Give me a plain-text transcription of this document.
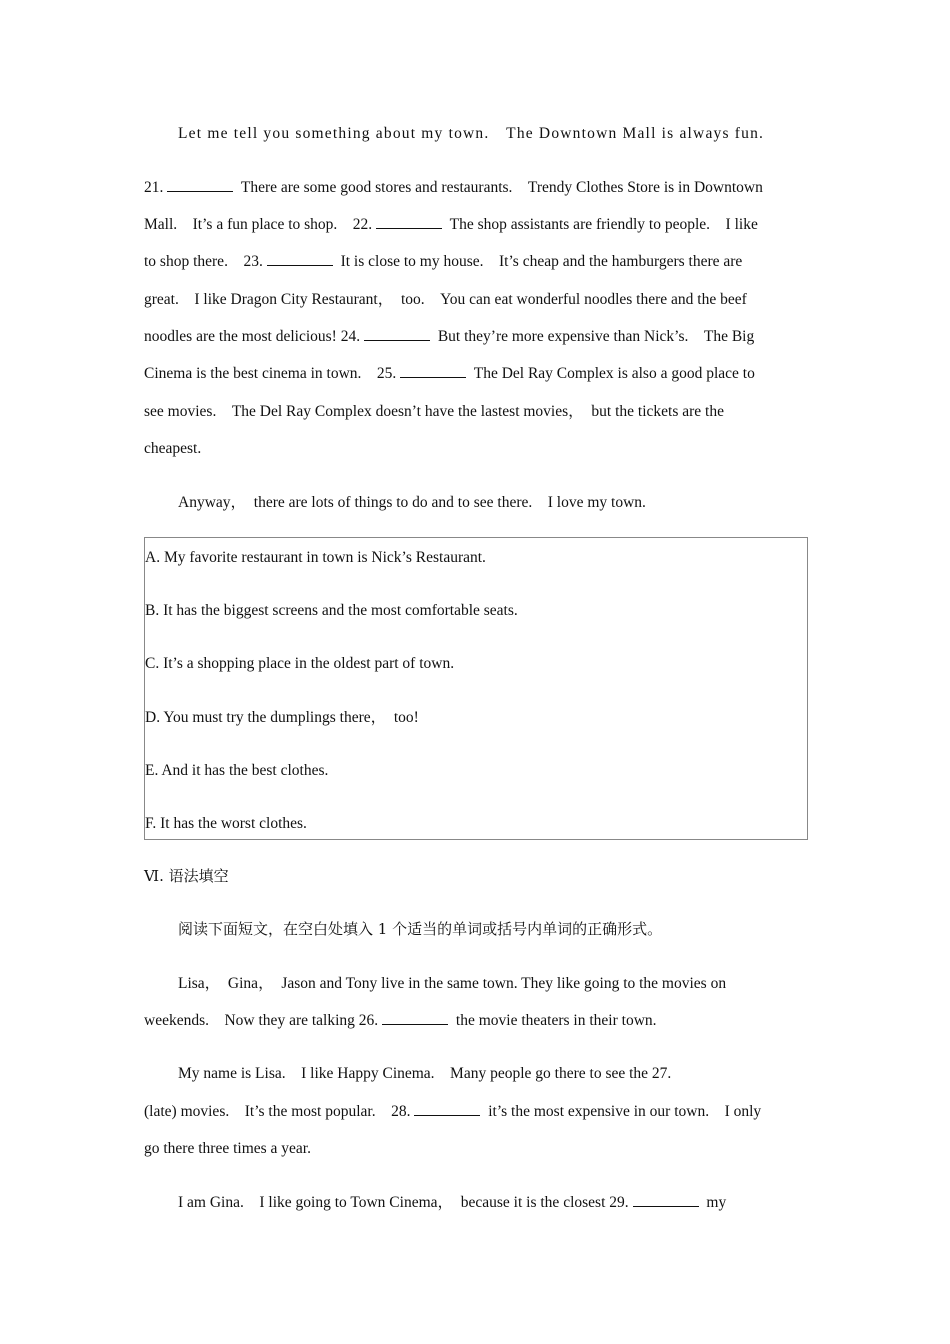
Let me tell you something about my town.　The Downtown Mall is always fun.
21.	There are some good stores and restaurants.　Trendy Clothes Store is in Downtown
Mall.　It’s a fun place to shop.　22.	The shop assistants are friendly to people.　I like
to shop there.　23.	It is close to my house.　It’s cheap and the hamburgers there are
great.　I like Dragon City Restaurant，　too.　You can eat wonderful noodles there and the beef
noodles are the most delicious! 24.	But they’re more expensive than Nick’s.　The Big
Cinema is the best cinema in town.　25.	The Del Ray Complex is also a good place to
see movies.　The Del Ray Complex doesn’t have the lastest movies，　but the tickets are the
cheapest.
Anyway，　there are lots of things to do and to see there.　I love my town.
A. My favorite restaurant in town is Nick’s Restaurant.
B. It has the biggest screens and the most comfortable seats.
C. It’s a shopping place in the oldest part of town.
D. You must try the dumplings there，　too!
E. And it has the best clothes.
F. It has the worst clothes.
Ⅵ. 语法填空
阅读下面短文，在空白处填入 1 个适当的单词或括号内单词的正确形式。
Lisa，　Gina，　Jason and Tony live in the same town. They like going to the movies on
weekends.　Now they are talking 26.	the movie theaters in their town.
My name is Lisa.　I like Happy Cinema.　Many people go there to see the 27.
(late) movies.　It’s the most popular.　28.	it’s the most expensive in our town.　I only
go there three times a year.
I am Gina.　I like going to Town Cinema，　because it is the closest 29.	my
